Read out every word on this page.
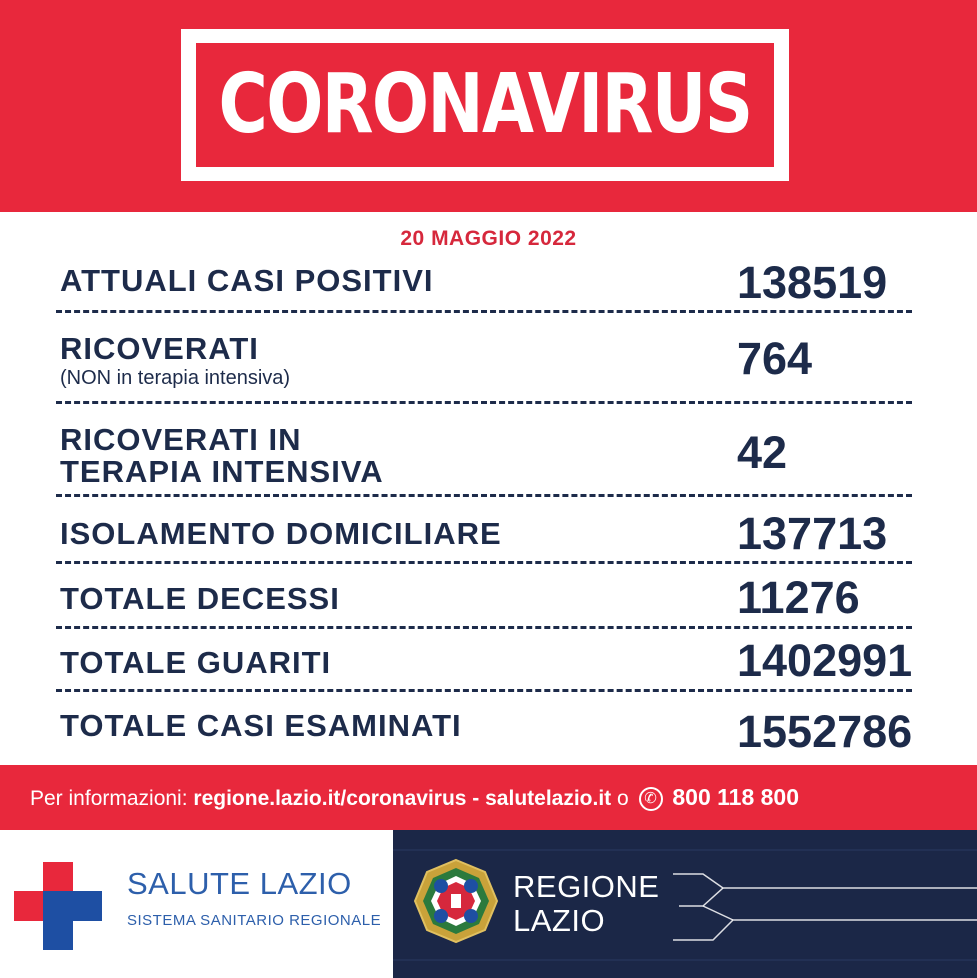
CORONAVIRUS
20 MAGGIO 2022
ATTUALI CASI POSITIVI	138519
RICOVERATI
(NON in terapia intensiva)	764
RICOVERATI IN
TERAPIA INTENSIVA	42
ISOLAMENTO DOMICILIARE	137713
TOTALE DECESSI	11276
TOTALE GUARITI	1402991
TOTALE CASI ESAMINATI	1552786
Per informazioni: regione.lazio.it/coronavirus - salutelazio.it o ✆ 800 118 800
SALUTE LAZIO
SISTEMA SANITARIO REGIONALE
REGIONE
LAZIO
